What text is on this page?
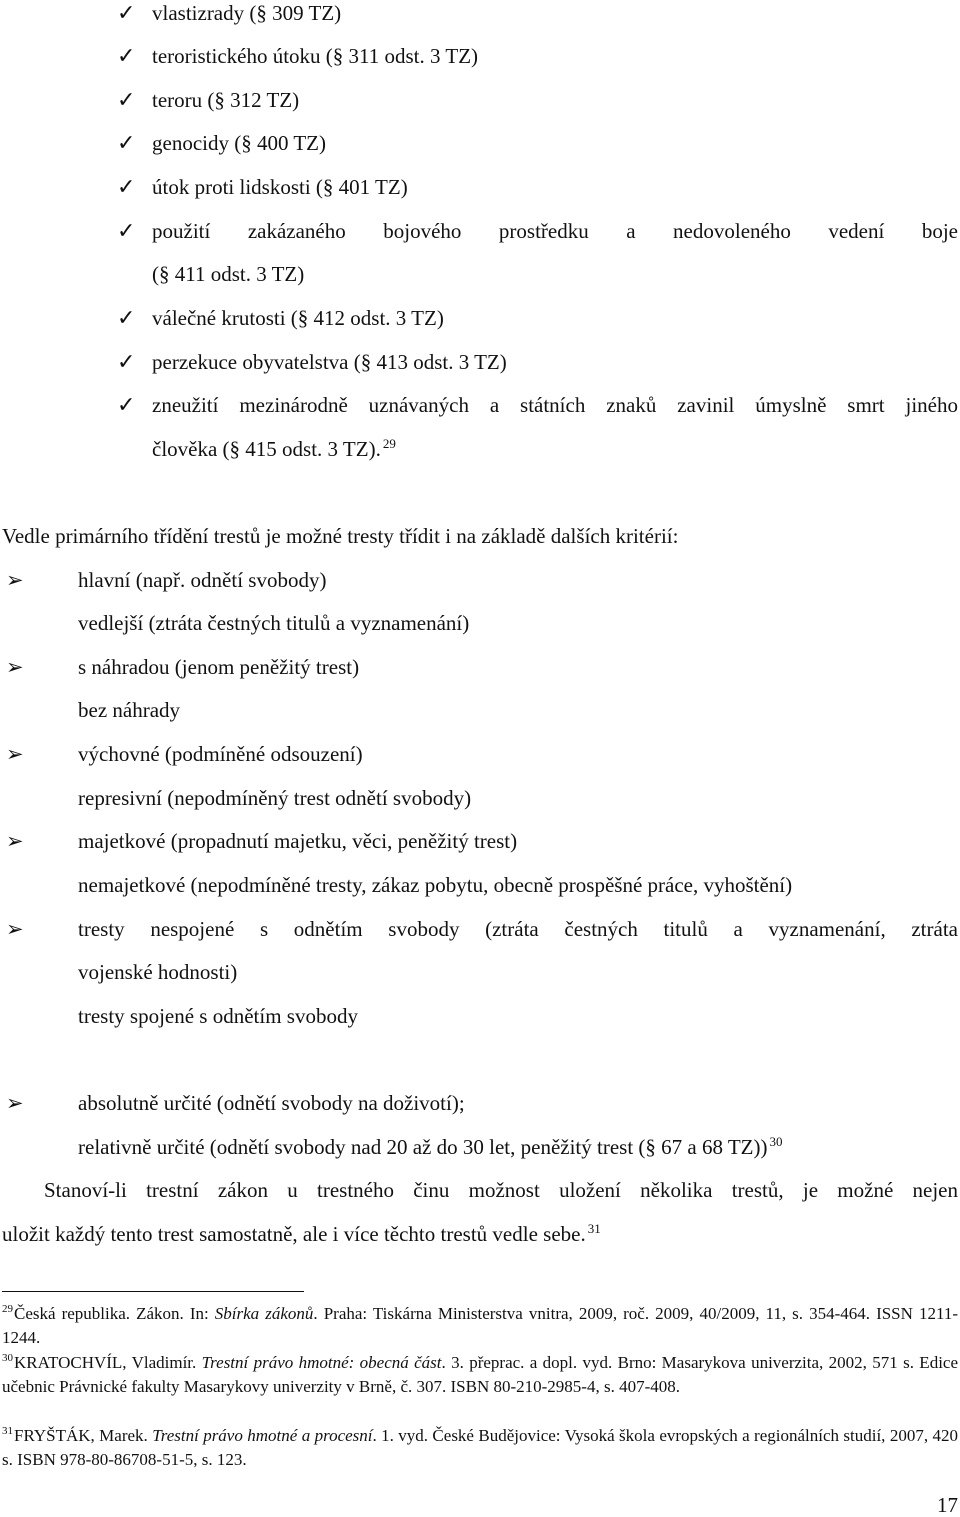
✓ vlastizrady (§ 309 TZ)
✓ teroristického útoku (§ 311 odst. 3 TZ)
✓ teroru (§ 312 TZ)
✓ genocidy (§ 400 TZ)
✓ útok proti lidskosti (§ 401 TZ)
✓ použití zakázaného bojového prostředku a nedovoleného vedení boje
(§ 411 odst. 3 TZ)
✓ válečné krutosti (§ 412 odst. 3 TZ)
✓ perzekuce obyvatelstva (§ 413 odst. 3 TZ)
✓ zneužití mezinárodně uznávaných a státních znaků zavinil úmyslně smrt jiného
člověka (§ 415 odst. 3 TZ). $^{29}$
Vedle primárního třídění trestů je možné tresty třídit i na základě dalších kritérií:
➢	hlavní (např. odnětí svobody)
vedlejší (ztráta čestných titulů a vyznamenání)
➢	s náhradou (jenom peněžitý trest)
bez náhrady
➢	výchovné (podmíněné odsouzení)
represivní (nepodmíněný trest odnětí svobody)
➢	majetkové (propadnutí majetku, věci, peněžitý trest)
nemajetkové (nepodmíněné tresty, zákaz pobytu, obecně prospěšné práce, vyhoštění)
➢	tresty nespojené s odnětím svobody (ztráta čestných titulů a vyznamenání, ztráta
vojenské hodnosti)
tresty spojené s odnětím svobody
➢	absolutně určité (odnětí svobody na doživotí);
relativně určité (odnětí svobody nad 20 až do 30 let, peněžitý trest (§ 67 a 68 TZ)) $^{30}$
Stanoví-li trestní zákon u trestného činu možnost uložení několika trestů, je možné nejen
uložit každý tento trest samostatně, ale i více těchto trestů vedle sebe. $^{31}$

$^{29}$Česká republika. Zákon. In: Sbírka zákonů. Praha: Tiskárna Ministerstva vnitra, 2009, roč. 2009, 40/2009, 11, s. 354-464. ISSN 1211-1244.

$^{30}$KRATOCHVÍL, Vladimír. Trestní právo hmotné: obecná část. 3. přeprac. a dopl. vyd. Brno: Masarykova univerzita, 2002, 571 s. Edice učebnic Právnické fakulty Masarykovy univerzity v Brně, č. 307. ISBN 80-210-2985-4, s. 407-408.

$^{31}$FRYŠTÁK, Marek. Trestní právo hmotné a procesní. 1. vyd. České Budějovice: Vysoká škola evropských a regionálních studií, 2007, 420 s. ISBN 978-80-86708-51-5, s. 123.

17
